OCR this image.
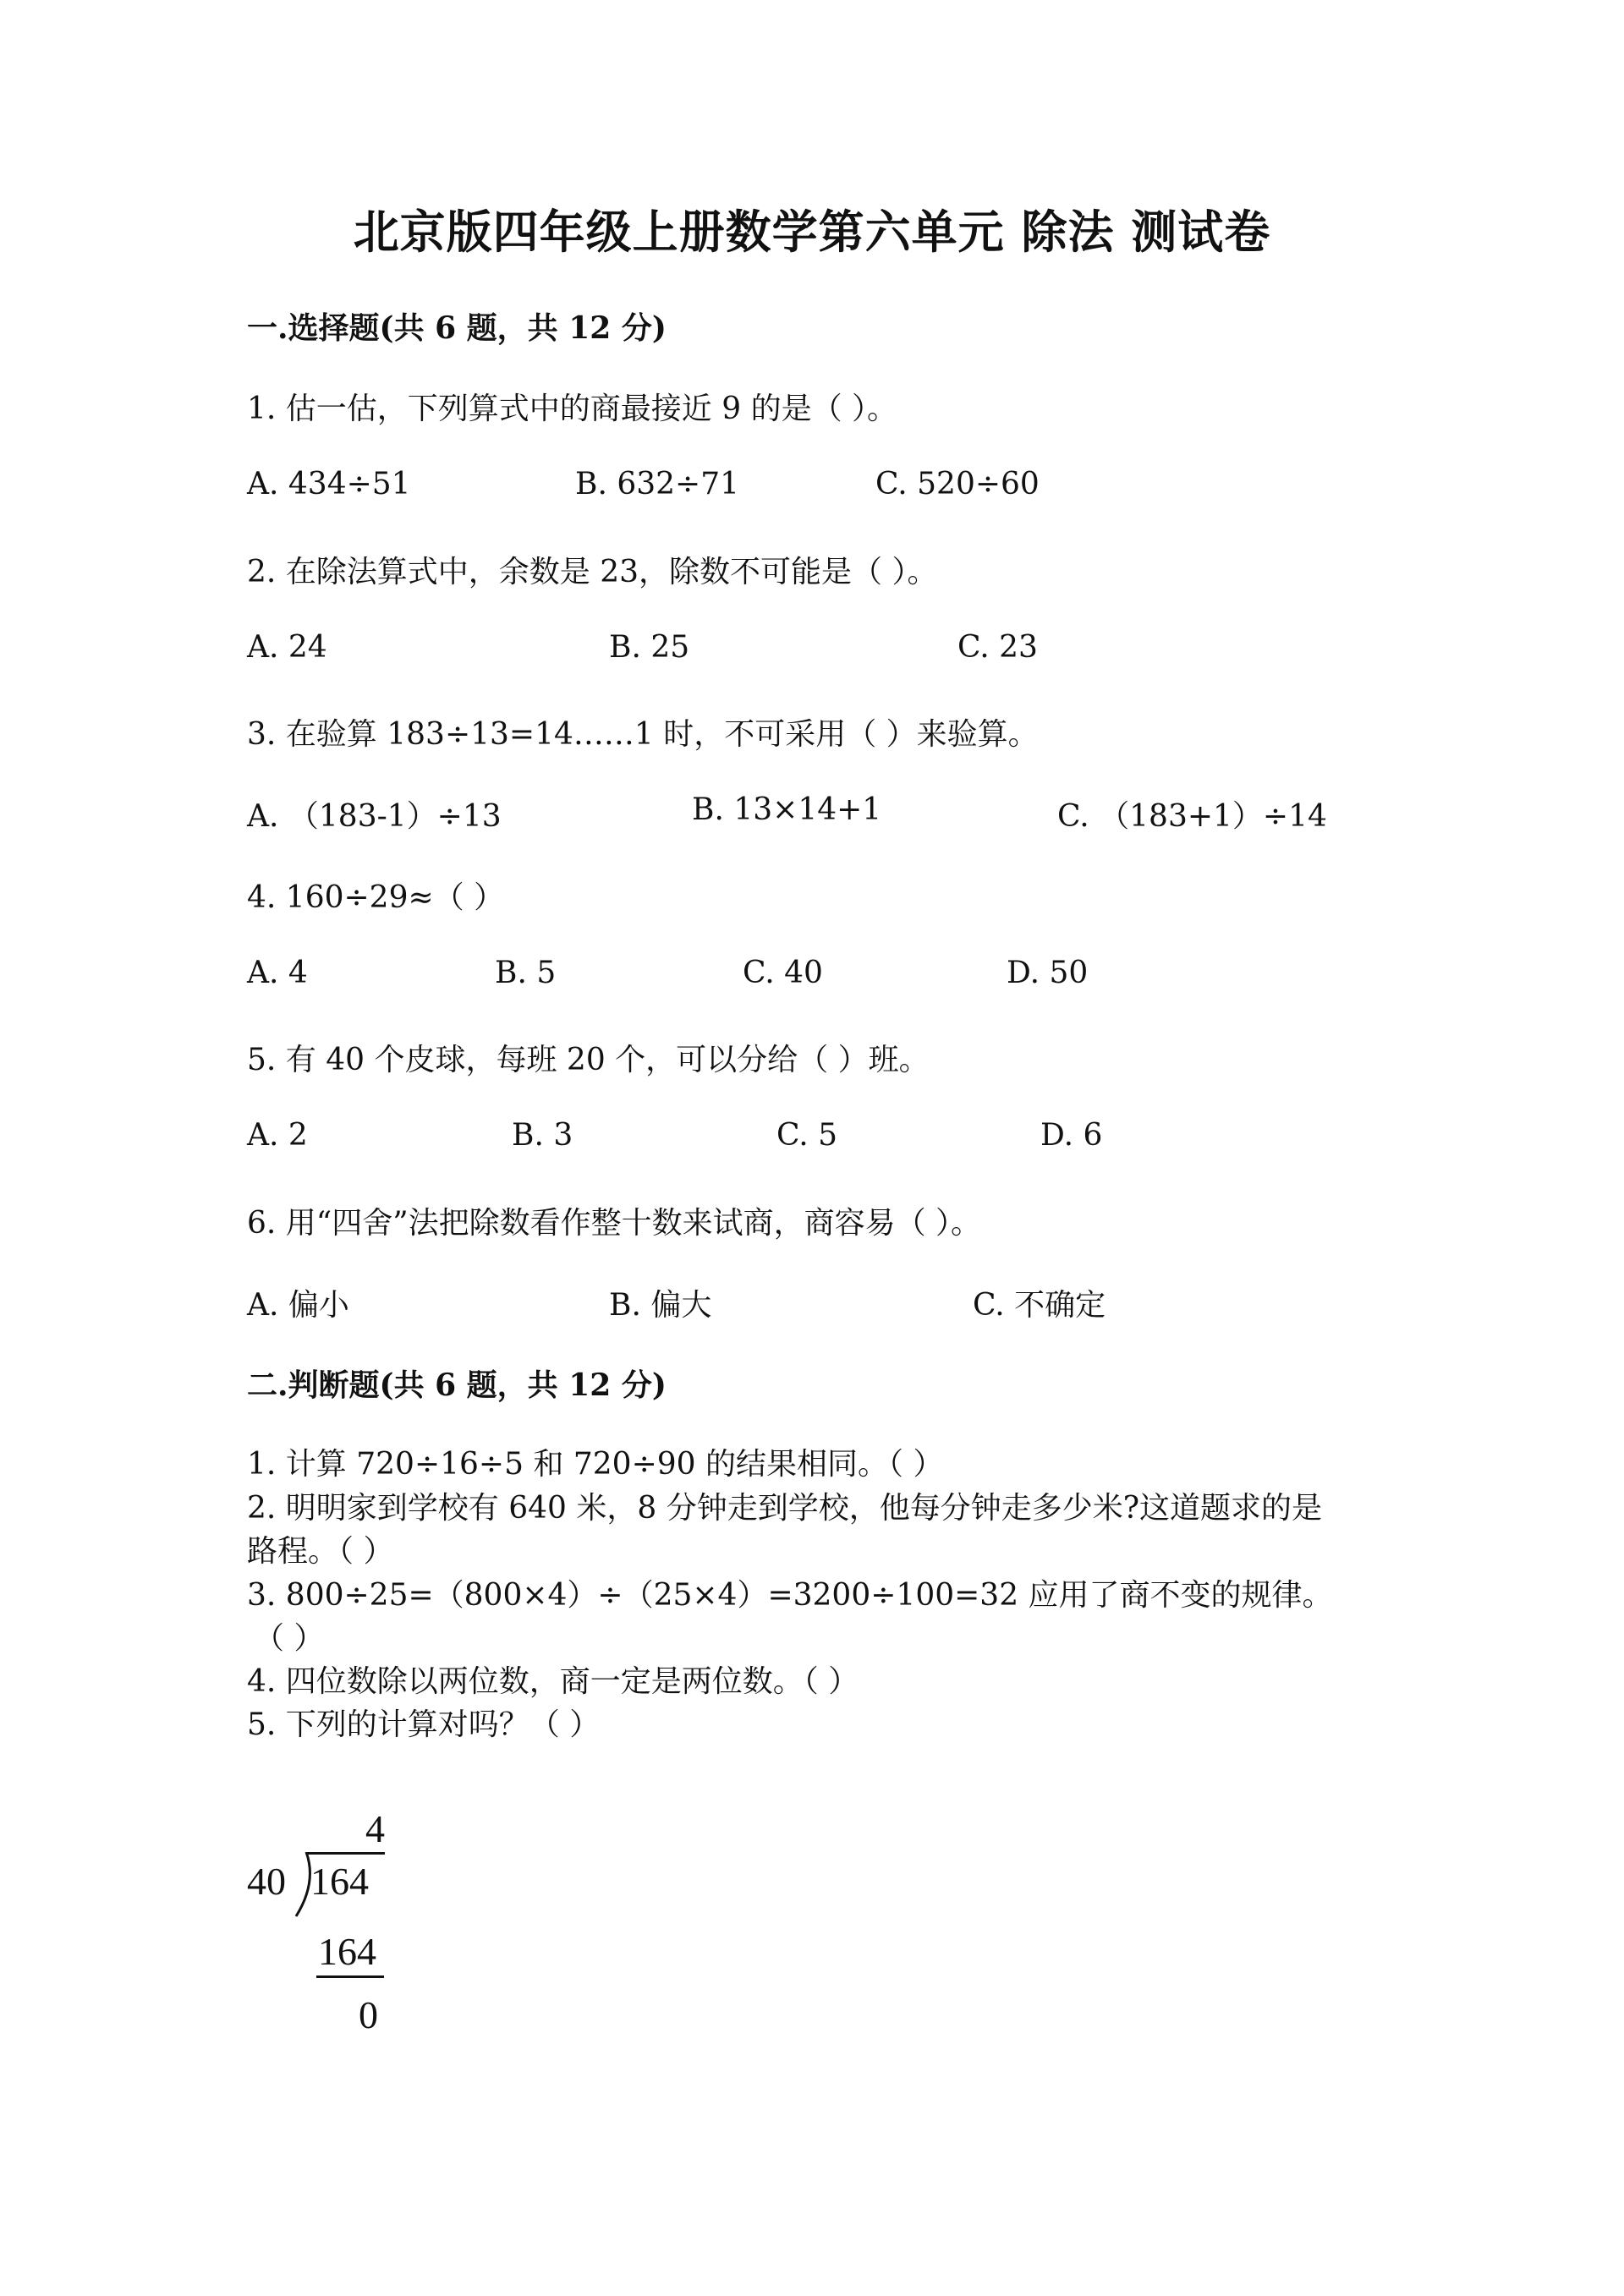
北京版四年级上册数学第六单元 除法 测试卷
一.选择题(共 6 题，共 12 分)
1. 估一估，下列算式中的商最接近 9 的是（ ）。
A. 434÷51	B. 632÷71	C. 520÷60
2. 在除法算式中，余数是 23，除数不可能是（ ）。
A. 24	B. 25	C. 23
3. 在验算 183÷13=14……1 时，不可采用（ ）来验算。
A. （183-1）÷13	B. 13×14+1	C. （183+1）÷14
4. 160÷29≈（ ）
A. 4	B. 5	C. 40	D. 50
5. 有 40 个皮球，每班 20 个，可以分给（ ）班。
A. 2	B. 3	C. 5	D. 6
6. 用“四舍”法把除数看作整十数来试商，商容易（ ）。
A. 偏小	B. 偏大	C. 不确定
二.判断题(共 6 题，共 12 分)
1. 计算 720÷16÷5 和 720÷90 的结果相同。（ ）
2. 明明家到学校有 640 米，8 分钟走到学校，他每分钟走多少米?这道题求的是
路程。（ ）
3. 800÷25=（800×4）÷（25×4）=3200÷100=32 应用了商不变的规律。
（ ）
4. 四位数除以两位数，商一定是两位数。（ ）
5. 下列的计算对吗？（ ）
4
40 164
164
0
